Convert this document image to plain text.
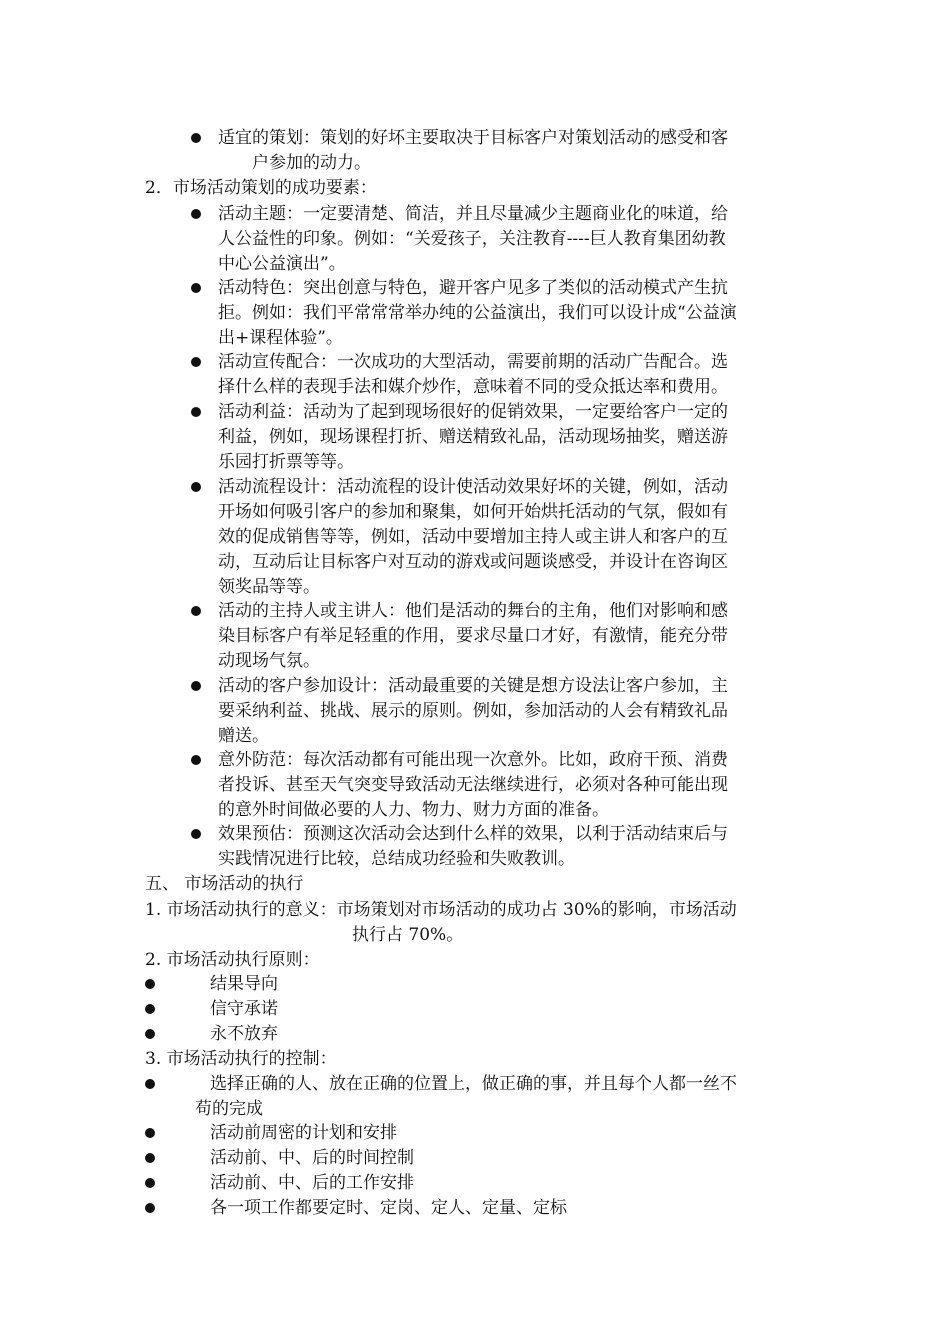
适宜的策划：策划的好坏主要取决于目标客户对策划活动的感受和客
户参加的动力。
2．市场活动策划的成功要素：
活动主题：一定要清楚、简洁，并且尽量减少主题商业化的味道，给
人公益性的印象。例如：“关爱孩子，关注教育----巨人教育集团幼教
中心公益演出”。
活动特色：突出创意与特色，避开客户见多了类似的活动模式产生抗
拒。例如：我们平常常常举办纯的公益演出，我们可以设计成“公益演
出+课程体验”。
活动宣传配合：一次成功的大型活动，需要前期的活动广告配合。选
择什么样的表现手法和媒介炒作，意味着不同的受众抵达率和费用。
活动利益：活动为了起到现场很好的促销效果，一定要给客户一定的
利益，例如，现场课程打折、赠送精致礼品，活动现场抽奖，赠送游
乐园打折票等等。
活动流程设计：活动流程的设计使活动效果好坏的关键，例如，活动
开场如何吸引客户的参加和聚集，如何开始烘托活动的气氛，假如有
效的促成销售等等，例如，活动中要增加主持人或主讲人和客户的互
动，互动后让目标客户对互动的游戏或问题谈感受，并设计在咨询区
领奖品等等。
活动的主持人或主讲人：他们是活动的舞台的主角，他们对影响和感
染目标客户有举足轻重的作用，要求尽量口才好，有激情，能充分带
动现场气氛。
活动的客户参加设计：活动最重要的关键是想方设法让客户参加，主
要采纳利益、挑战、展示的原则。例如，参加活动的人会有精致礼品
赠送。
意外防范：每次活动都有可能出现一次意外。比如，政府干预、消费
者投诉、甚至天气突变导致活动无法继续进行，必须对各种可能出现
的意外时间做必要的人力、物力、财力方面的准备。
效果预估：预测这次活动会达到什么样的效果，以利于活动结束后与
实践情况进行比较，总结成功经验和失败教训。
五、 市场活动的执行
1. 市场活动执行的意义：市场策划对市场活动的成功占 30%的影响，市场活动
执行占 70%。
2. 市场活动执行原则：
结果导向
信守承诺
永不放弃
3. 市场活动执行的控制：
选择正确的人、放在正确的位置上，做正确的事，并且每个人都一丝不
苟的完成
活动前周密的计划和安排
活动前、中、后的时间控制
活动前、中、后的工作安排
各一项工作都要定时、定岗、定人、定量、定标
